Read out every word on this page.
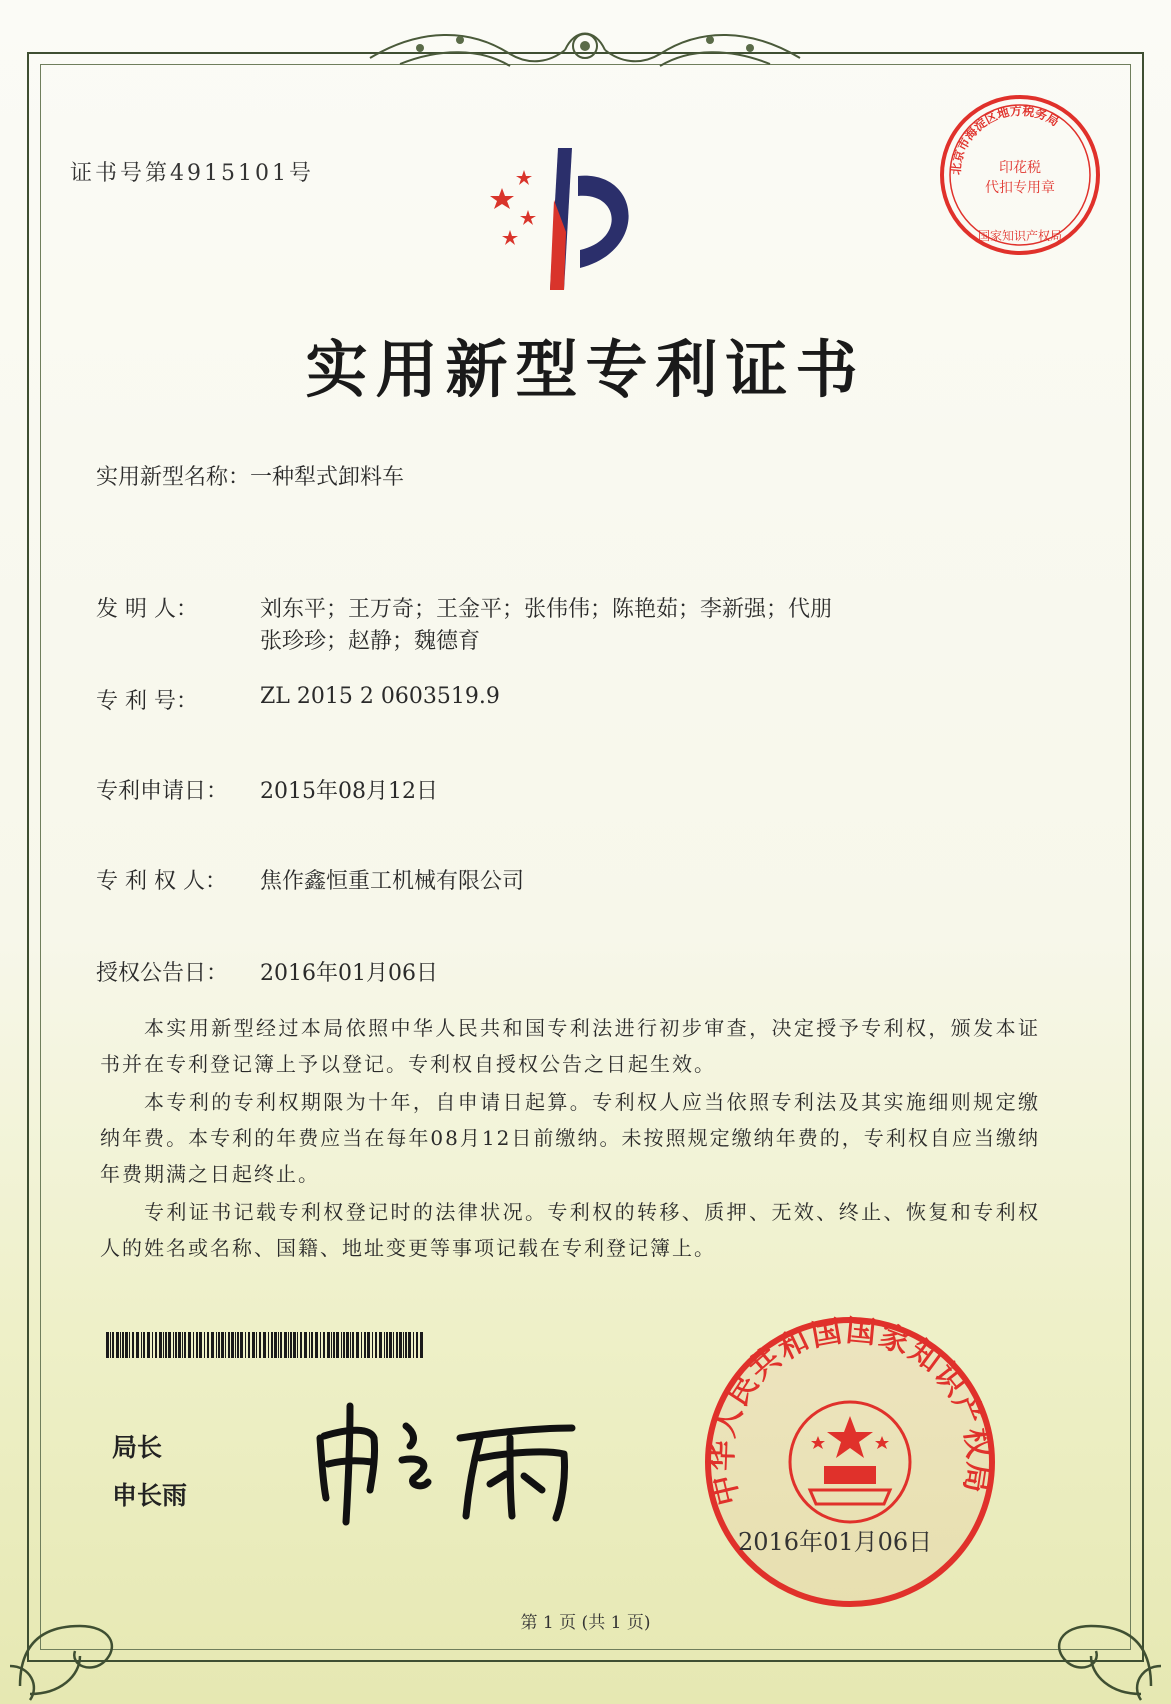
证书号第4915101号	北京市海淀区地方税务局
印花税
代扣专用章
国家知识产权局
实用新型专利证书
实用新型名称： 一种犁式卸料车
发 明 人：	刘东平；王万奇；王金平；张伟伟；陈艳茹；李新强；代朋
张珍珍；赵静；魏德育
专 利 号：	ZL 2015 2 0603519.9
专利申请日：	2015年08月12日
专 利 权 人：	焦作鑫恒重工机械有限公司
授权公告日：	2016年01月06日
本实用新型经过本局依照中华人民共和国专利法进行初步审查，决定授予专利权，颁发本证书并在专利登记簿上予以登记。专利权自授权公告之日起生效。
本专利的专利权期限为十年，自申请日起算。专利权人应当依照专利法及其实施细则规定缴纳年费。本专利的年费应当在每年08月12日前缴纳。未按照规定缴纳年费的，专利权自应当缴纳年费期满之日起终止。
专利证书记载专利权登记时的法律状况。专利权的转移、质押、无效、终止、恢复和专利权人的姓名或名称、国籍、地址变更等事项记载在专利登记簿上。
局长
申长雨	中华人民共和国国家知识产权局
2016年01月06日
第 1 页 (共 1 页)
